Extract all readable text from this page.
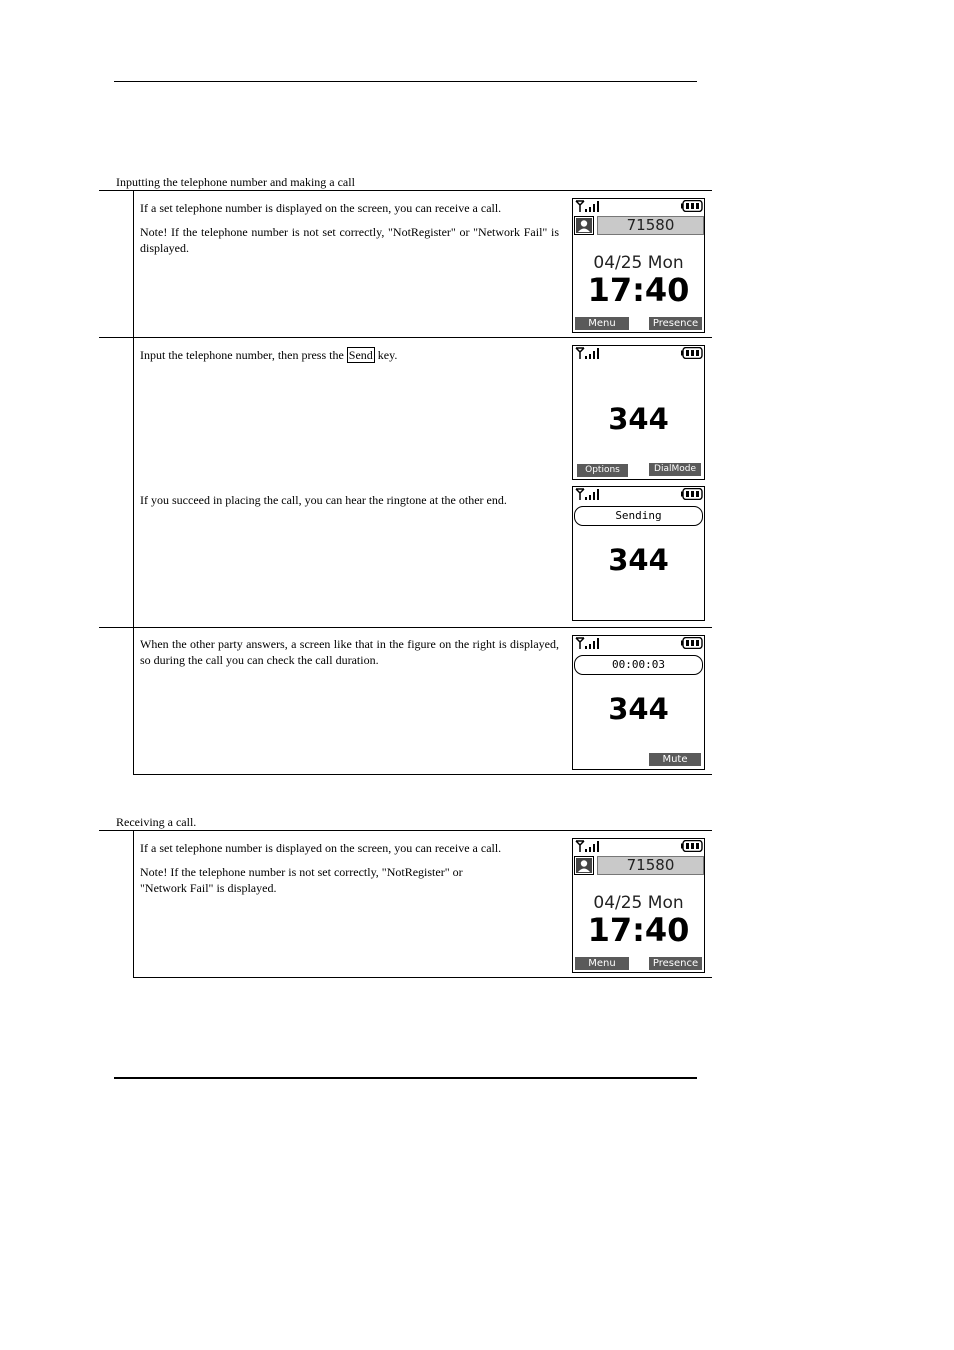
Inputting the telephone number and making a call

If a set telephone number is displayed on the screen, you can receive a call.

Note! If the telephone number is not set correctly, "NotRegister" or "Network Fail" is displayed.

Input the telephone number, then press the Send key.
If you succeed in placing the call, you can hear the ringtone at the other end.

When the other party answers, a screen like that in the figure on the right is displayed, so during the call you can check the call duration.

71580
04/25 Mon
17:40
Menu	Presence
344
Options	DialMode
Sending
344
00:00:03
344
Mute
Receiving a call.

If a set telephone number is displayed on the screen, you can receive a call.

Note! If the telephone number is not set correctly, "NotRegister" or
"Network Fail" is displayed.
71580
04/25 Mon
17:40
Menu	Presence
